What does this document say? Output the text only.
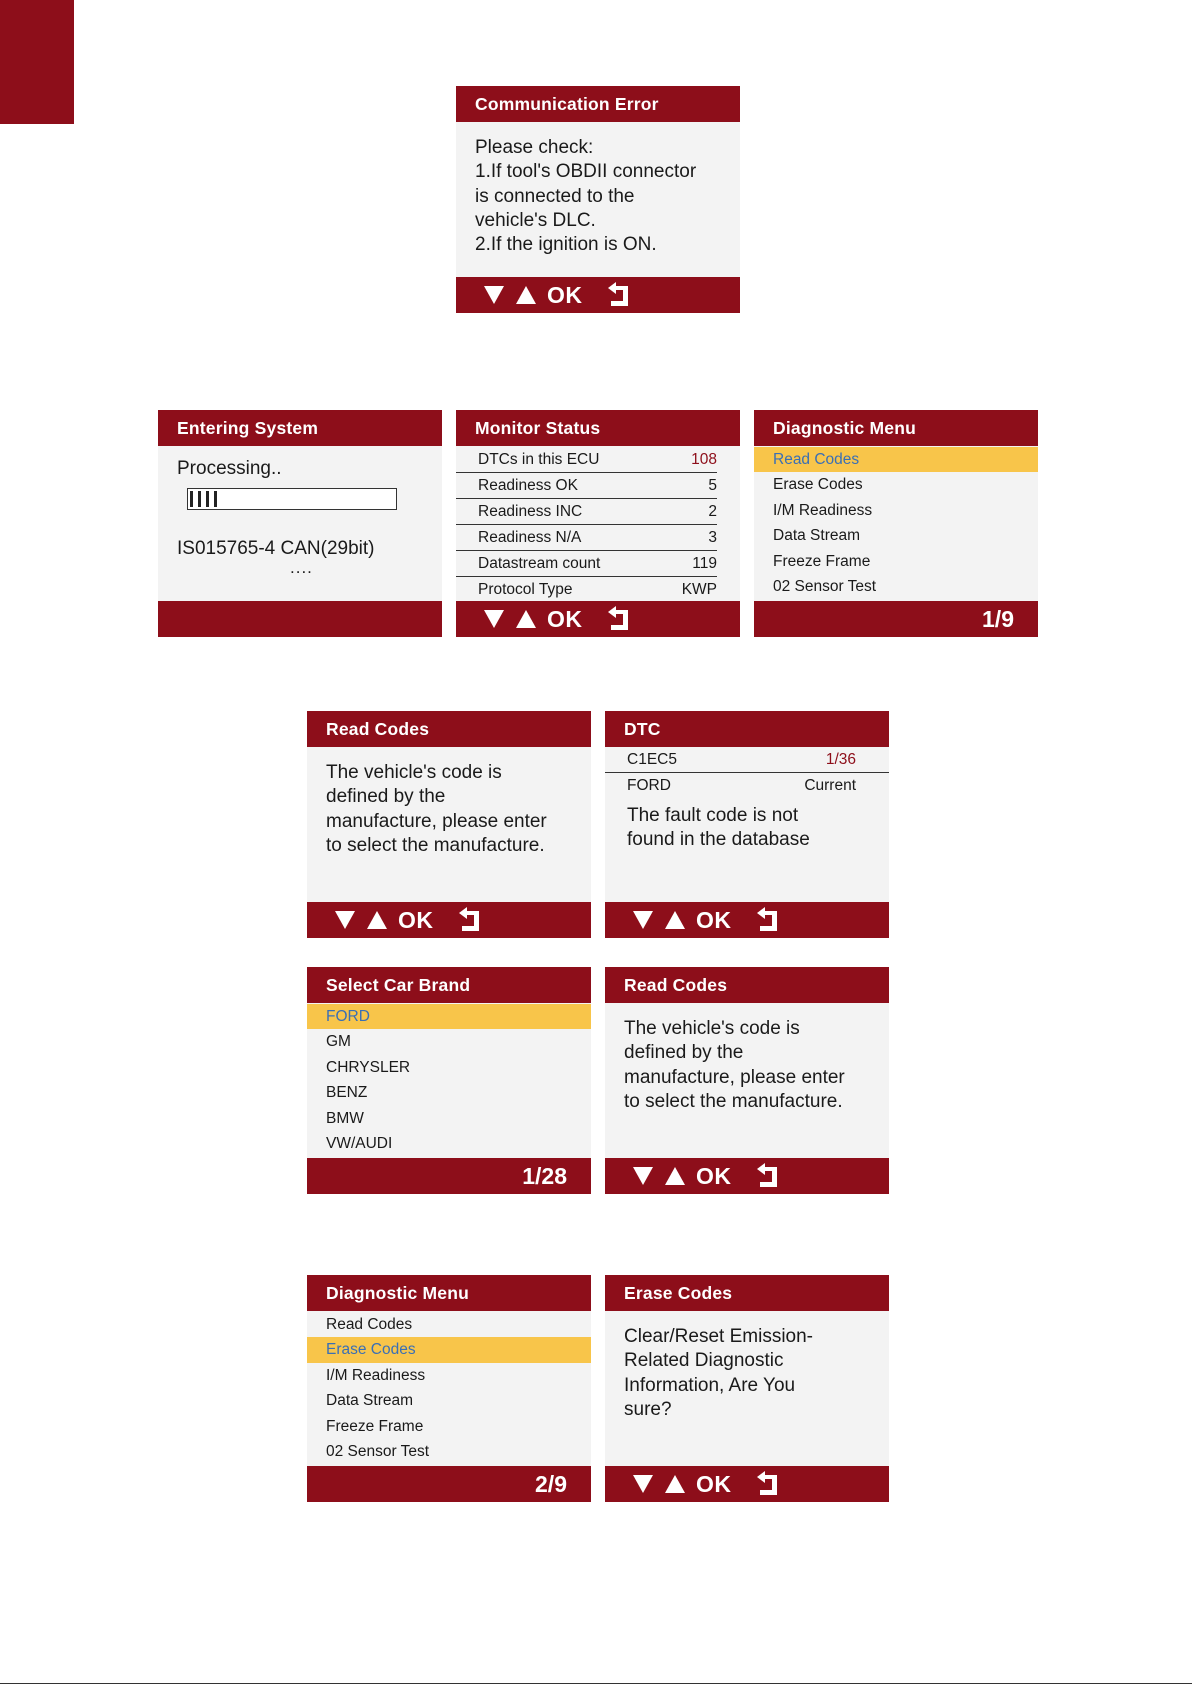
Communication Error

Please check:
1.If tool's OBDII connector
is connected to the
vehicle's DLC.
2.If the ignition is ON.

OK
Entering System
Processing..
IS015765-4 CAN(29bit)
....
Monitor Status
DTCs in this ECU	108
Readiness OK	5
Readiness INC	2
Readiness N/A	3
Datastream count	119
Protocol Type	KWP
OK
Diagnostic Menu
Read Codes
Erase Codes
I/M Readiness
Data Stream
Freeze Frame
02 Sensor Test
1/9
Read Codes

The vehicle's code is
defined by the
manufacture, please enter
to select the manufacture.

OK
DTC
C1EC5	1/36
FORD	Current

The fault code is not
found in the database

OK
Select Car Brand
FORD
GM
CHRYSLER
BENZ
BMW
VW/AUDI
1/28
Read Codes

The vehicle's code is
defined by the
manufacture, please enter
to select the manufacture.

OK
Diagnostic Menu
Read Codes
Erase Codes
I/M Readiness
Data Stream
Freeze Frame
02 Sensor Test
2/9
Erase Codes

Clear/Reset Emission-
Related Diagnostic
Information, Are You
sure?

OK
